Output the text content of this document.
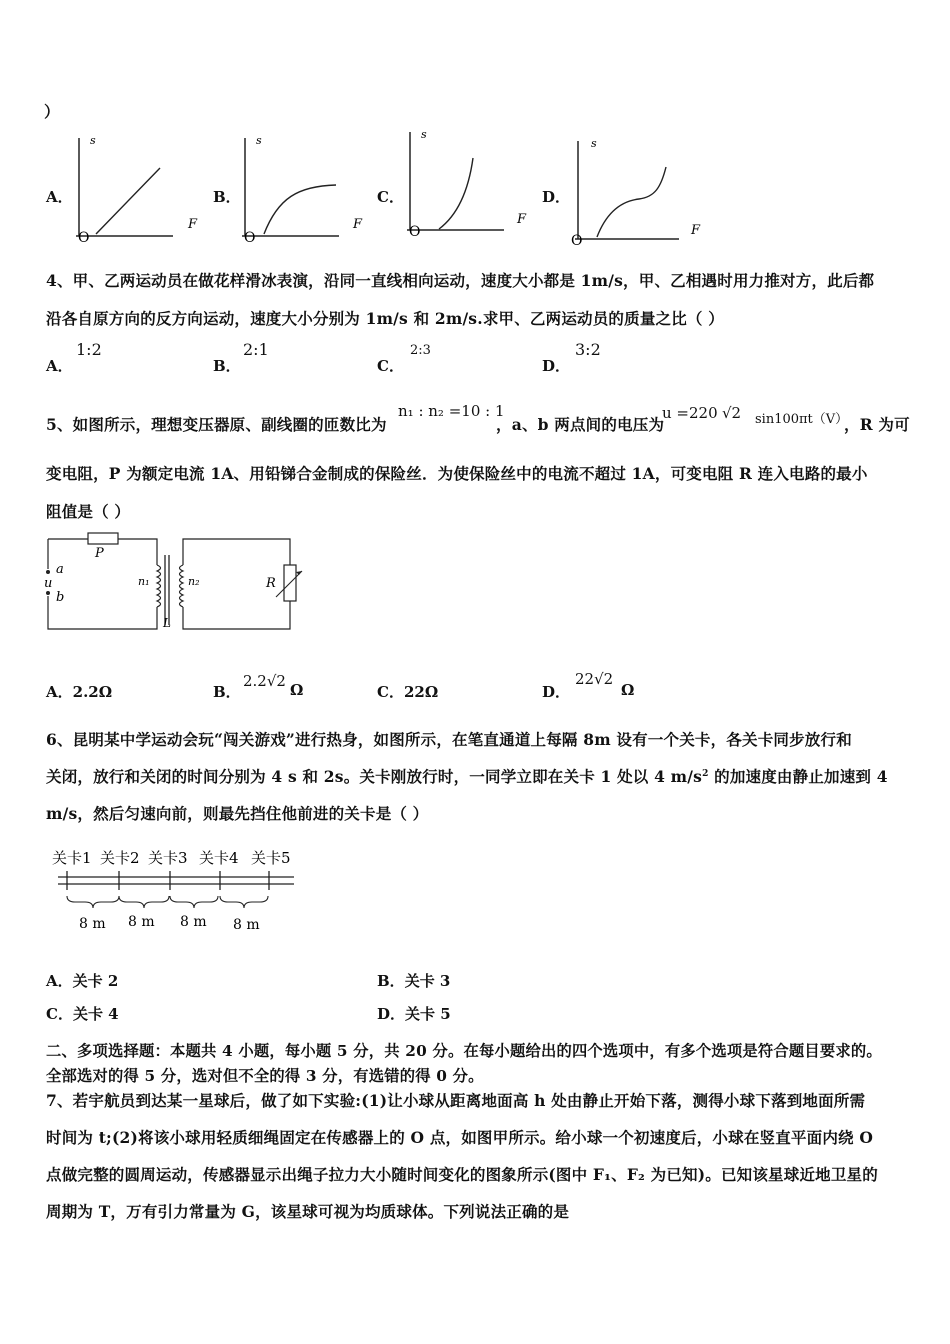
）
A．
s
F
O
B．
s
F
O
C．
s
F
O
D．
s
F
O
4、甲、乙两运动员在做花样滑冰表演，沿同一直线相向运动，速度大小都是 1m/s，甲、乙相遇时用力推对方，此后都
沿各自原方向的反方向运动，速度大小分别为 1m/s 和 2m/s.求甲、乙两运动员的质量之比（ ）
A．
1:2
B．
2:1
C．
2:3
D．
3:2
5、如图所示，理想变压器原、副线圈的匝数比为
n₁ : n₂ =10 : 1
，a、b 两点间的电压为
u =220 √2 sin100πt（V）
，R 为可
变电阻，P 为额定电流 1A、用铅锑合金制成的保险丝．为使保险丝中的电流不超过 1A，可变电阻 R 连入电路的最小
阻值是（ ）
P
a
u
b
n₁	n₂
L
R
A．2.2Ω	B．
2.2√2 Ω	C．22Ω	D．
22√2
Ω
6、昆明某中学运动会玩“闯关游戏”进行热身，如图所示，在笔直通道上每隔 8m 设有一个关卡，各关卡同步放行和
关闭，放行和关闭的时间分别为 4 s 和 2s。关卡刚放行时，一同学立即在关卡 1 处以 4 $m/s^2$ 的加速度由静止加速到 4
m/s，然后匀速向前，则最先挡住他前进的关卡是（ ）
关卡1 关卡2 关卡3 关卡4 关卡5
8 m 8 m 8 m 8 m
A．关卡 2	B．关卡 3
C．关卡 4	D．关卡 5
二、多项选择题：本题共 4 小题，每小题 5 分，共 20 分。在每小题给出的四个选项中，有多个选项是符合题目要求的。
全部选对的得 5 分，选对但不全的得 3 分，有选错的得 0 分。
7、若宇航员到达某一星球后，做了如下实验:(1)让小球从距离地面高 h 处由静止开始下落，测得小球下落到地面所需
时间为 t;(2)将该小球用轻质细绳固定在传感器上的 O 点，如图甲所示。给小球一个初速度后，小球在竖直平面内绕 O
点做完整的圆周运动，传感器显示出绳子拉力大小随时间变化的图象所示(图中 F₁、F₂ 为已知)。已知该星球近地卫星的
周期为 T，万有引力常量为 G，该星球可视为均质球体。下列说法正确的是
